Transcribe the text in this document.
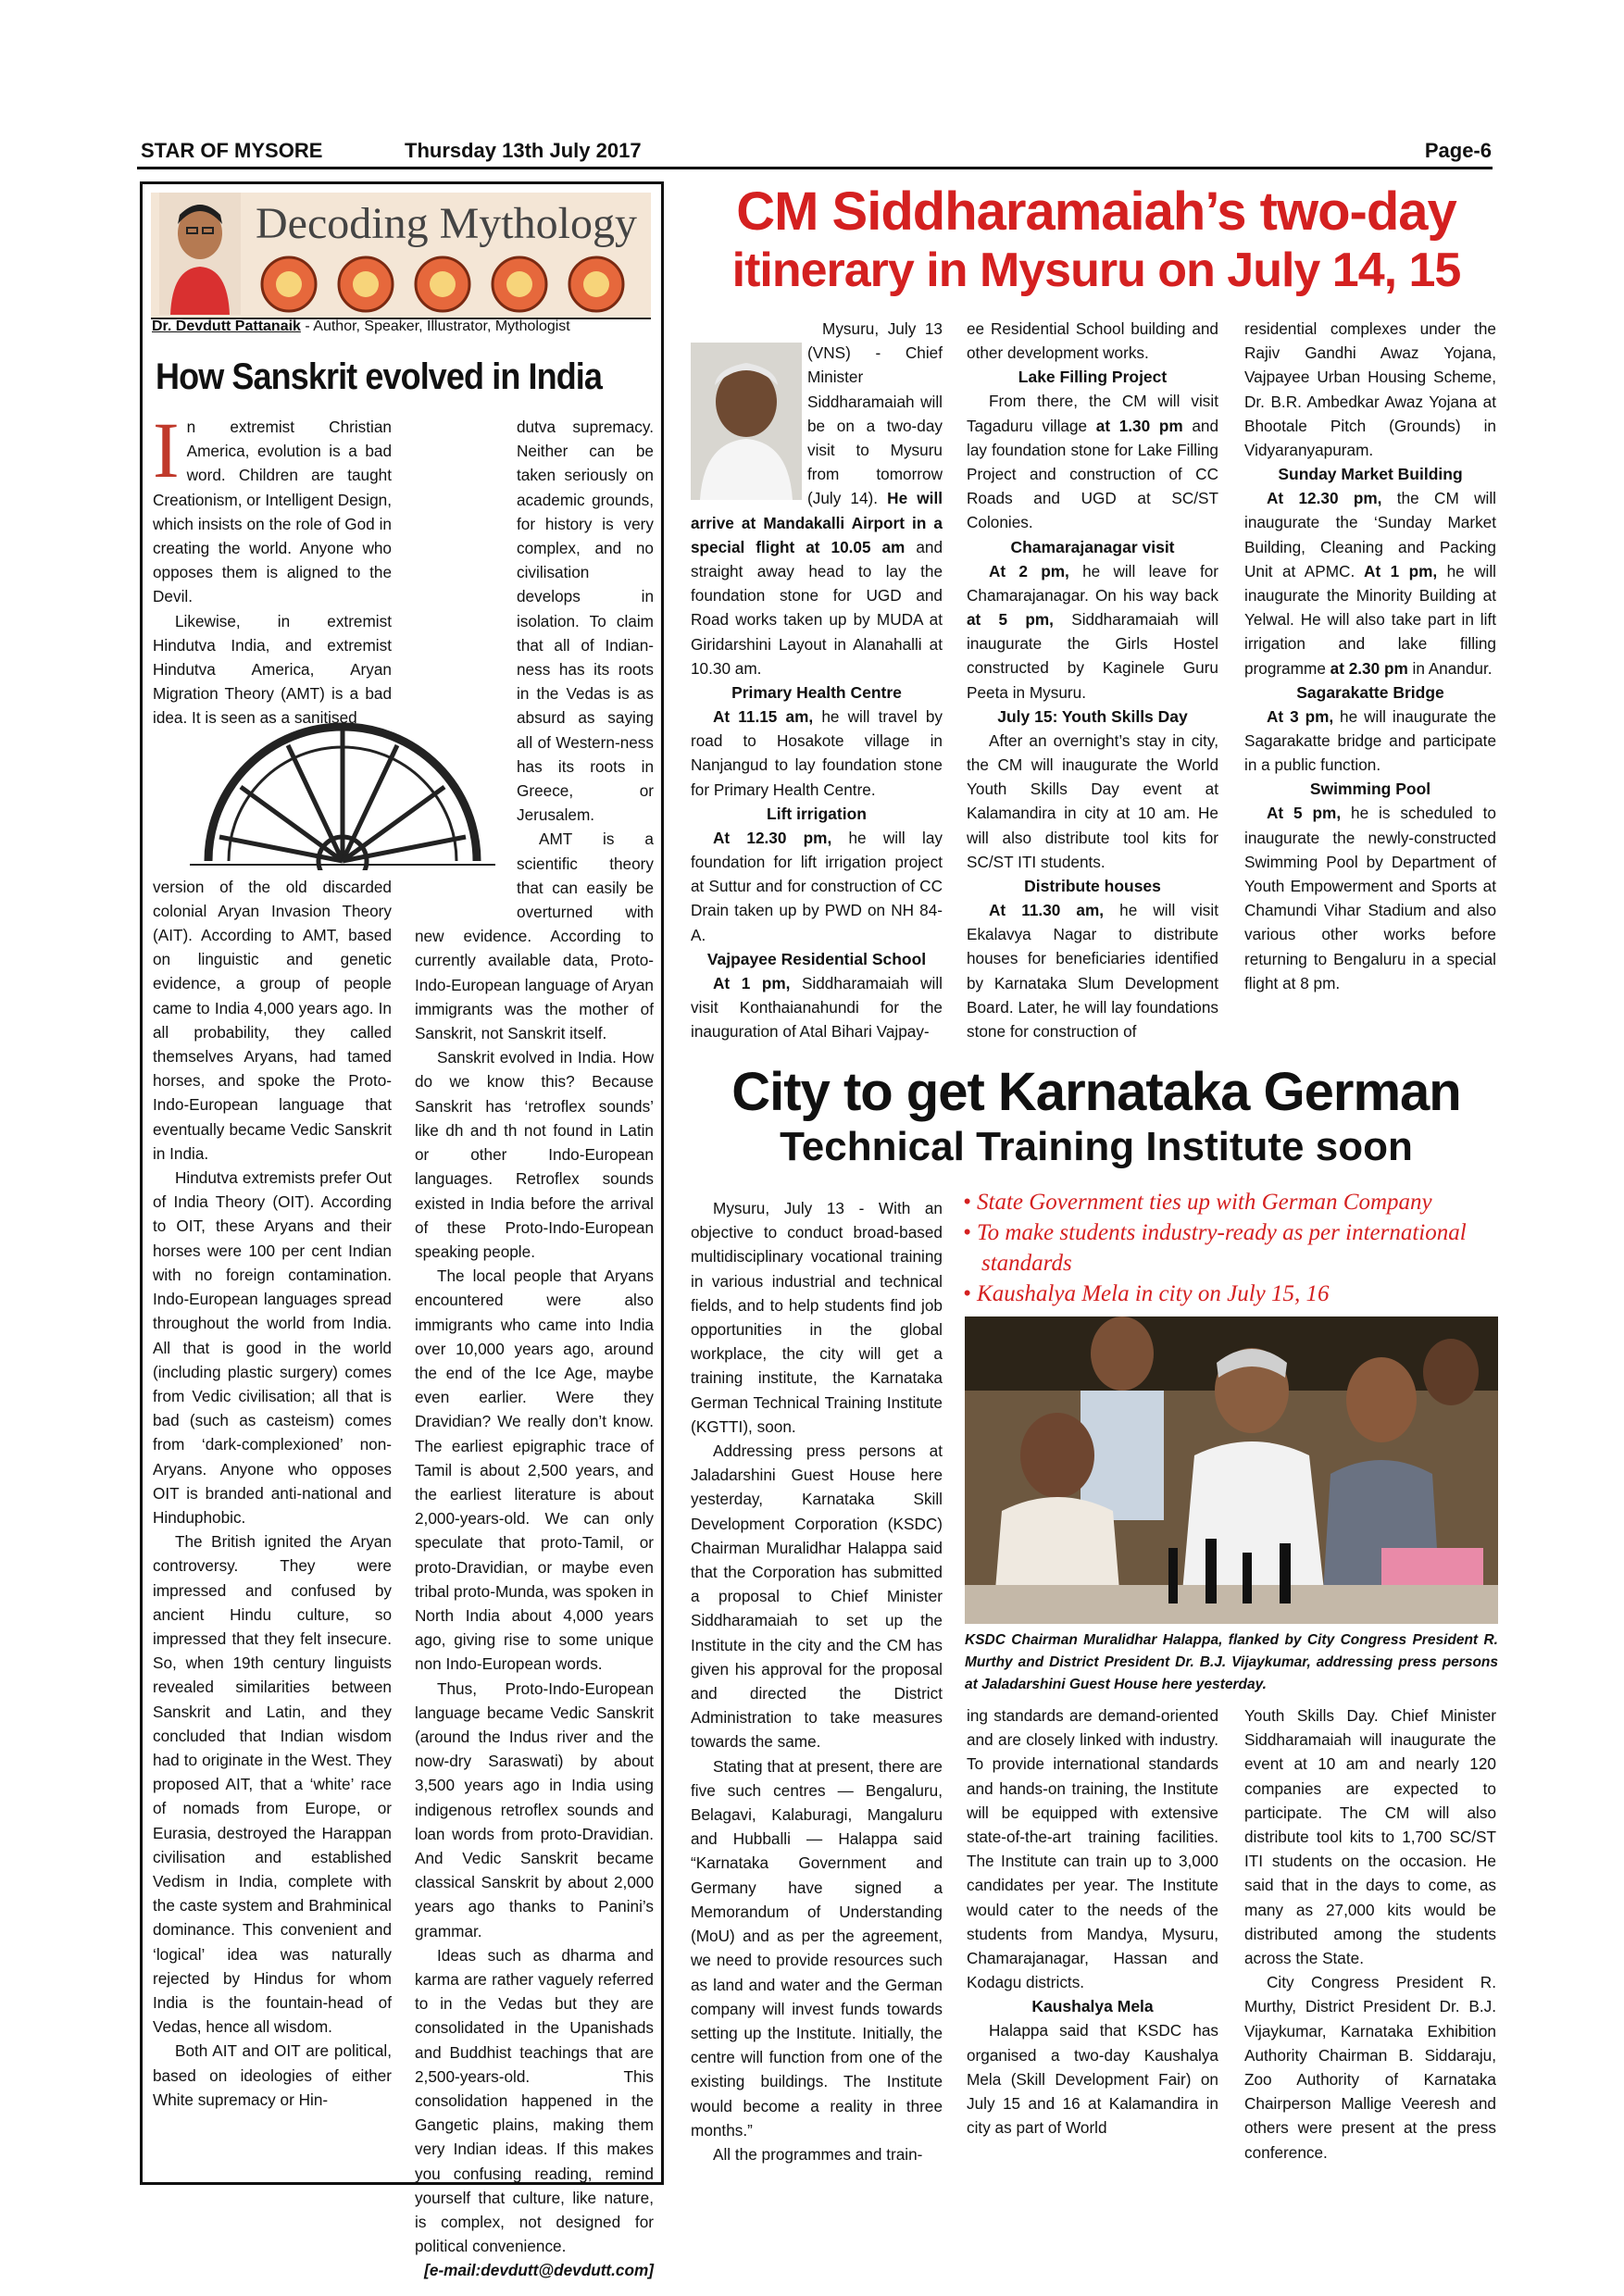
STAR OF MYSORE	Thursday 13th July 2017	Page-6
Decoding Mythology
Dr. Devdutt Pattanaik - Author, Speaker, Illustrator, Mythologist
How Sanskrit evolved in India
I n extremist Christian America, evolution is a bad word. Children are taught Creationism, or Intelligent Design, which insists on the role of God in creating the world. Anyone who opposes them is aligned to the Devil.

Likewise, in extremist Hindutva India, and extremist Hindutva America, Aryan Migration Theory (AMT) is a bad idea. It is seen as a sanitised

version of the old discarded colonial Aryan Invasion Theory (AIT). According to AMT, based on linguistic and genetic evidence, a group of people came to India 4,000 years ago. In all probability, they called themselves Aryans, had tamed horses, and spoke the Proto-Indo-European language that eventually became Vedic Sanskrit in India.

Hindutva extremists prefer Out of India Theory (OIT). According to OIT, these Aryans and their horses were 100 per cent Indian with no foreign contamination. Indo-European languages spread throughout the world from India. All that is good in the world (including plastic surgery) comes from Vedic civilisation; all that is bad (such as casteism) comes from ‘dark-complexioned’ non-Aryans. Anyone who opposes OIT is branded anti-national and Hinduphobic.

The British ignited the Aryan controversy. They were impressed and confused by ancient Hindu culture, so impressed that they felt insecure. So, when 19th century linguists revealed similarities between Sanskrit and Latin, and they concluded that Indian wisdom had to originate in the West. They proposed AIT, that a ‘white’ race of nomads from Europe, or Eurasia, destroyed the Harappan civilisation and established Vedism in India, complete with the caste system and Brahminical dominance. This convenient and ‘logical’ idea was naturally rejected by Hindus for whom India is the fountain-head of Vedas, hence all wisdom.

Both AIT and OIT are political, based on ideologies of either White supremacy or Hin-

dutva supremacy. Neither can be taken seriously on academic grounds, for history is very complex, and no civilisation develops in isolation. To claim that all of Indian-ness has its roots in the Vedas is as absurd as saying all of Western-ness has its roots in Greece, or Jerusalem.

AMT is a scientific theory that can easily be overturned with new evidence. According to currently available data, Proto-Indo-European language of Aryan immigrants was the mother of Sanskrit, not Sanskrit itself.

Sanskrit evolved in India. How do we know this? Because Sanskrit has ‘retroflex sounds’ like dh and th not found in Latin or other Indo-European languages. Retroflex sounds existed in India before the arrival of these Proto-Indo-European speaking people.

The local people that Aryans encountered were also immigrants who came into India over 10,000 years ago, around the end of the Ice Age, maybe even earlier. Were they Dravidian? We really don’t know. The earliest epigraphic trace of Tamil is about 2,500 years, and the earliest literature is about 2,000-years-old. We can only speculate that proto-Tamil, or proto-Dravidian, or maybe even tribal proto-Munda, was spoken in North India about 4,000 years ago, giving rise to some unique non Indo-European words.

Thus, Proto-Indo-European language became Vedic Sanskrit (around the Indus river and the now-dry Saraswati) by about 3,500 years ago in India using indigenous retroflex sounds and loan words from proto-Dravidian. And Vedic Sanskrit became classical Sanskrit by about 2,000 years ago thanks to Panini’s grammar.

Ideas such as dharma and karma are rather vaguely referred to in the Vedas but they are consolidated in the Upanishads and Buddhist teachings that are 2,500-years-old. This consolidation happened in the Gangetic plains, making them very Indian ideas. If this makes you confusing reading, remind yourself that culture, like nature, is complex, not designed for political convenience.

[e-mail:devdutt@devdutt.com]
CM Siddharamaiah’s two-day
itinerary in Mysuru on July 14, 15

Mysuru, July 13 (VNS) - Chief Minister Siddharamaiah will be on a two-day visit to Mysuru from tomorrow (July 14). He will arrive at Mandakalli Airport in a special flight at 10.05 am and straight away head to lay the foundation stone for UGD and Road works taken up by MUDA at Giridarshini Layout in Alanahalli at 10.30 am.

Primary Health Centre

At 11.15 am, he will travel by road to Hosakote village in Nanjangud to lay foundation stone for Primary Health Centre.

Lift irrigation

At 12.30 pm, he will lay foundation for lift irrigation project at Suttur and for construction of CC Drain taken up by PWD on NH 84-A.

Vajpayee Residential School

At 1 pm, Siddharamaiah will visit Konthaianahundi for the inauguration of Atal Bihari Vajpay-

ee Residential School building and other development works.

Lake Filling Project

From there, the CM will visit Tagaduru village at 1.30 pm and lay foundation stone for Lake Filling Project and construction of CC Roads and UGD at SC/ST Colonies.

Chamarajanagar visit

At 2 pm, he will leave for Chamarajanagar. On his way back at 5 pm, Siddharamaiah will inaugurate the Girls Hostel constructed by Kaginele Guru Peeta in Mysuru.

July 15: Youth Skills Day

After an overnight’s stay in city, the CM will inaugurate the World Youth Skills Day event at Kalamandira in city at 10 am. He will also distribute tool kits for SC/ST ITI students.

Distribute houses

At 11.30 am, he will visit Ekalavya Nagar to distribute houses for beneficiaries identified by Karnataka Slum Development Board. Later, he will lay foundations stone for construction of

residential complexes under the Rajiv Gandhi Awaz Yojana, Vajpayee Urban Housing Scheme, Dr. B.R. Ambedkar Awaz Yojana at Bhootale Pitch (Grounds) in Vidyaranyapuram.

Sunday Market Building

At 12.30 pm, the CM will inaugurate the ‘Sunday Market Building, Cleaning and Packing Unit at APMC. At 1 pm, he will inaugurate the Minority Building at Yelwal. He will also take part in lift irrigation and lake filling programme at 2.30 pm in Anandur.

Sagarakatte Bridge

At 3 pm, he will inaugurate the Sagarakatte bridge and participate in a public function.

Swimming Pool

At 5 pm, he is scheduled to inaugurate the newly-constructed Swimming Pool by Department of Youth Empowerment and Sports at Chamundi Vihar Stadium and also various other works before returning to Bengaluru in a special flight at 8 pm.

City to get Karnataka German
Technical Training Institute soon
• State Government ties up with German Company
• To make students industry-ready as per international standards
• Kaushalya Mela in city on July 15, 16
KSDC Chairman Muralidhar Halappa, flanked by City Congress President R. Murthy and District President Dr. B.J. Vijaykumar, addressing press persons at Jaladarshini Guest House here yesterday.

Mysuru, July 13 - With an objective to conduct broad-based multidisciplinary vocational training in various industrial and technical fields, and to help students find job opportunities in the global workplace, the city will get a training institute, the Karnataka German Technical Training Institute (KGTTI), soon.

Addressing press persons at Jaladarshini Guest House here yesterday, Karnataka Skill Development Corporation (KSDC) Chairman Muralidhar Halappa said that the Corporation has submitted a proposal to Chief Minister Siddharamaiah to set up the Institute in the city and the CM has given his approval for the proposal and directed the District Administration to take measures towards the same.

Stating that at present, there are five such centres — Bengaluru, Belagavi, Kalaburagi, Mangaluru and Hubballi — Halappa said “Karnataka Government and Germany have signed a Memorandum of Understanding (MoU) and as per the agreement, we need to provide resources such as land and water and the German company will invest funds towards setting up the Institute. Initially, the centre will function from one of the existing buildings. The Institute would become a reality in three months.”

All the programmes and train-

ing standards are demand-oriented and are closely linked with industry. To provide international standards and hands-on training, the Institute will be equipped with extensive state-of-the-art training facilities. The Institute can train up to 3,000 candidates per year. The Institute would cater to the needs of the students from Mandya, Mysuru, Chamarajanagar, Hassan and Kodagu districts.

Kaushalya Mela

Halappa said that KSDC has organised a two-day Kaushalya Mela (Skill Development Fair) on July 15 and 16 at Kalamandira in city as part of World

Youth Skills Day. Chief Minister Siddharamaiah will inaugurate the event at 10 am and nearly 120 companies are expected to participate. The CM will also distribute tool kits to 1,700 SC/ST ITI students on the occasion. He said that in the days to come, as many as 27,000 kits would be distributed among the students across the State.

City Congress President R. Murthy, District President Dr. B.J. Vijaykumar, Karnataka Exhibition Authority Chairman B. Siddaraju, Zoo Authority of Karnataka Chairperson Mallige Veeresh and others were present at the press conference.
